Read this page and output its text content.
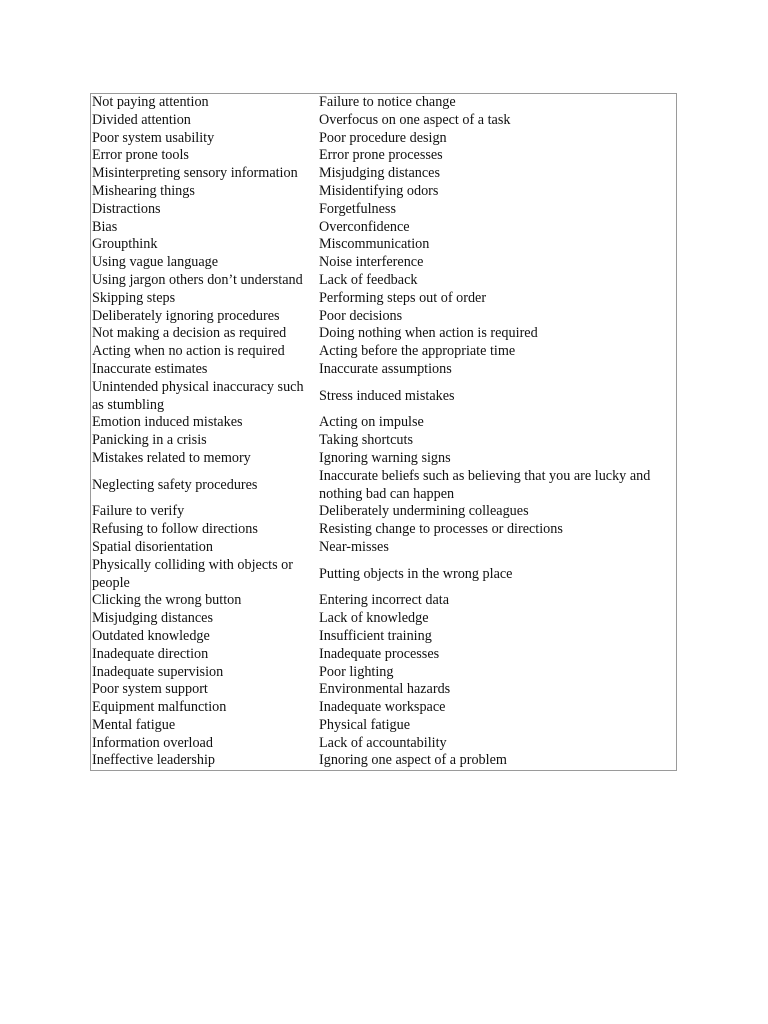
Not paying attention	Failure to notice change
Divided attention	Overfocus on one aspect of a task
Poor system usability	Poor procedure design
Error prone tools	Error prone processes
Misinterpreting sensory information	Misjudging distances
Mishearing things	Misidentifying odors
Distractions	Forgetfulness
Bias	Overconfidence
Groupthink	Miscommunication
Using vague language	Noise interference
Using jargon others don’t understand	Lack of feedback
Skipping steps	Performing steps out of order
Deliberately ignoring procedures	Poor decisions
Not making a decision as required	Doing nothing when action is required
Acting when no action is required	Acting before the appropriate time
Inaccurate estimates	Inaccurate assumptions
Unintended physical inaccuracy such as stumbling	Stress induced mistakes
Emotion induced mistakes	Acting on impulse
Panicking in a crisis	Taking shortcuts
Mistakes related to memory	Ignoring warning signs
Neglecting safety procedures	Inaccurate beliefs such as believing that you are lucky and nothing bad can happen
Failure to verify	Deliberately undermining colleagues
Refusing to follow directions	Resisting change to processes or directions
Spatial disorientation	Near-misses
Physically colliding with objects or people	Putting objects in the wrong place
Clicking the wrong button	Entering incorrect data
Misjudging distances	Lack of knowledge
Outdated knowledge	Insufficient training
Inadequate direction	Inadequate processes
Inadequate supervision	Poor lighting
Poor system support	Environmental hazards
Equipment malfunction	Inadequate workspace
Mental fatigue	Physical fatigue
Information overload	Lack of accountability
Ineffective leadership	Ignoring one aspect of a problem
